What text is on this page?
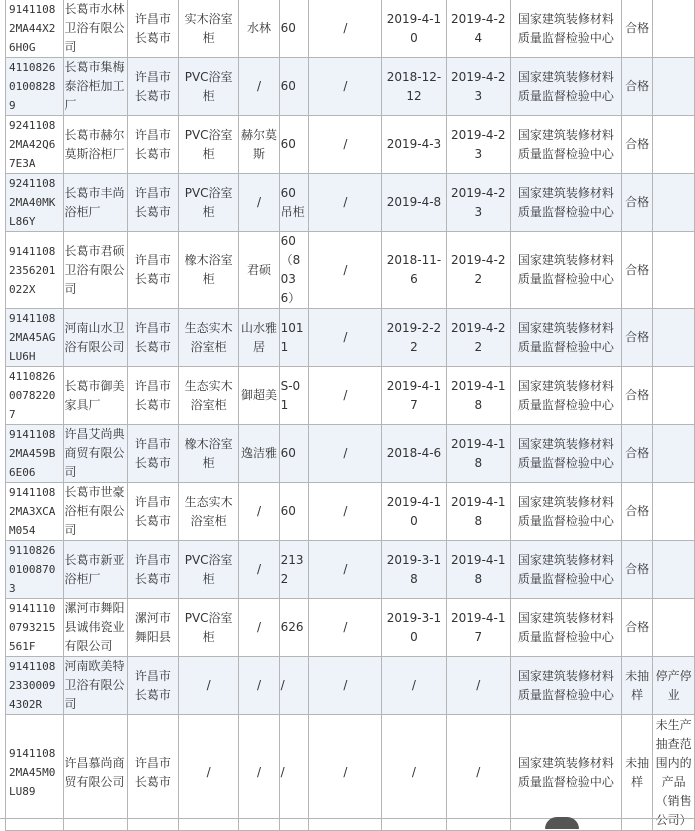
91411082MA44X26H0G	长葛市水林卫浴有限公司	许昌市长葛市	实木浴室柜	水林	60	/	2019-4-10	2019-4-24	国家建筑装修材料质量监督检验中心	合格	
411082601008289	长葛市集梅泰浴柜加工厂	许昌市长葛市	PVC浴室柜	/	60	/	2018-12-12	2019-4-23	国家建筑装修材料质量监督检验中心	合格	
92411082MA42Q67E3A	长葛市赫尔莫斯浴柜厂	许昌市长葛市	PVC浴室柜	赫尔莫斯	60	/	2019-4-3	2019-4-23	国家建筑装修材料质量监督检验中心	合格	
92411082MA40MKL86Y	长葛市丰尚浴柜厂	许昌市长葛市	PVC浴室柜	/	60吊柜	/	2019-4-8	2019-4-23	国家建筑装修材料质量监督检验中心	合格	
91411082356201022X	长葛市君硕卫浴有限公司	许昌市长葛市	橡木浴室柜	君硕	60（8036）	/	2018-11-6	2019-4-22	国家建筑装修材料质量监督检验中心	合格	
91411082MA45AGLU6H	河南山水卫浴有限公司	许昌市长葛市	生态实木浴室柜	山水雅居	1011	/	2019-2-22	2019-4-22	国家建筑装修材料质量监督检验中心	合格	
411082600782207	长葛市御美家具厂	许昌市长葛市	生态实木浴室柜	御超美	S-01	/	2019-4-17	2019-4-18	国家建筑装修材料质量监督检验中心	合格	
91411082MA459B6E06	许昌艾尚典商贸有限公司	许昌市长葛市	橡木浴室柜	逸洁雅	60	/	2018-4-6	2019-4-18	国家建筑装修材料质量监督检验中心	合格	
91411082MA3XCAM054	长葛市世豪浴柜有限公司	许昌市长葛市	生态实木浴室柜	/	60	/	2019-4-10	2019-4-18	国家建筑装修材料质量监督检验中心	合格	
911082601008703	长葛市新亚浴柜厂	许昌市长葛市	PVC浴室柜	/	2132	/	2019-3-18	2019-4-18	国家建筑装修材料质量监督检验中心	合格	
91411100793215561F	漯河市舞阳县诚伟瓷业有限公司	漯河市舞阳县	PVC浴室柜	/	626	/	2019-3-10	2019-4-17	国家建筑装修材料质量监督检验中心	合格	
914110823300094302R	河南欧美特卫浴有限公司	许昌市长葛市	/	/	/	/	/	/	国家建筑装修材料质量监督检验中心	未抽样	停产停业
91411082MA45M0LU89	许昌慕尚商贸有限公司	许昌市长葛市	/	/	/	/	/	/	国家建筑装修材料质量监督检验中心	未抽样	未生产抽查范围内的产品（销售公司）
